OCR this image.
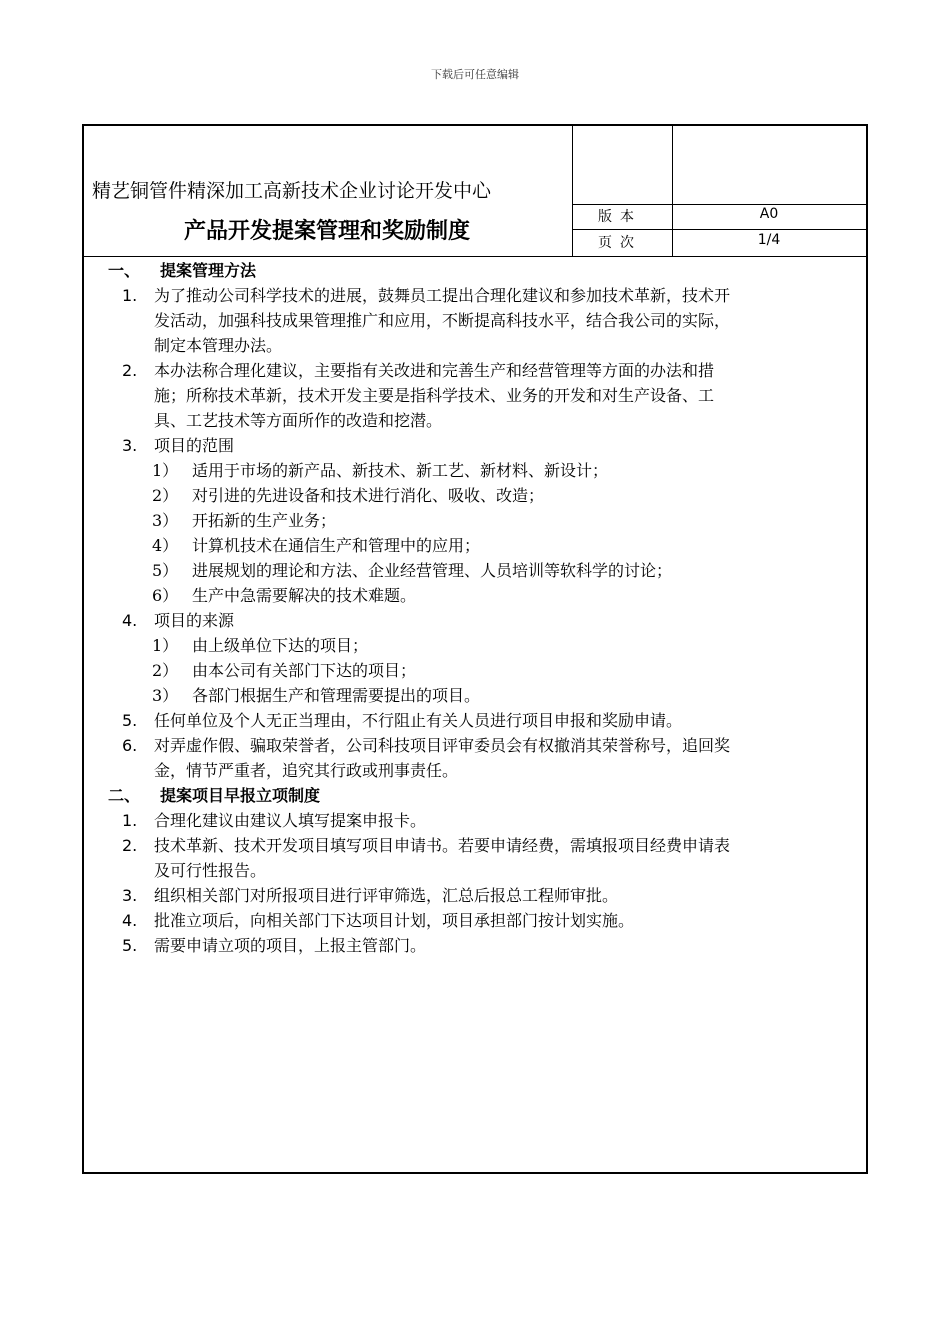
下载后可任意编辑
精艺铜管件精深加工高新技术企业讨论开发中心
产品开发提案管理和奖励制度
版本	A0
页次	1/4
一、 提案管理方法
1. 为了推动公司科学技术的进展，鼓舞员工提出合理化建议和参加技术革新，技术开
发活动，加强科技成果管理推广和应用，不断提高科技水平，结合我公司的实际，
制定本管理办法。
2. 本办法称合理化建议，主要指有关改进和完善生产和经营管理等方面的办法和措
施；所称技术革新，技术开发主要是指科学技术、业务的开发和对生产设备、工
具、工艺技术等方面所作的改造和挖潜。
3. 项目的范围
1） 适用于市场的新产品、新技术、新工艺、新材料、新设计；
2） 对引进的先进设备和技术进行消化、吸收、改造；
3） 开拓新的生产业务；
4） 计算机技术在通信生产和管理中的应用；
5） 进展规划的理论和方法、企业经营管理、人员培训等软科学的讨论；
6） 生产中急需要解决的技术难题。
4. 项目的来源
1） 由上级单位下达的项目；
2） 由本公司有关部门下达的项目；
3） 各部门根据生产和管理需要提出的项目。
5. 任何单位及个人无正当理由，不行阻止有关人员进行项目申报和奖励申请。
6. 对弄虚作假、骗取荣誉者，公司科技项目评审委员会有权撤消其荣誉称号，追回奖
金，情节严重者，追究其行政或刑事责任。
二、 提案项目早报立项制度
1. 合理化建议由建议人填写提案申报卡。
2. 技术革新、技术开发项目填写项目申请书。若要申请经费，需填报项目经费申请表
及可行性报告。
3. 组织相关部门对所报项目进行评审筛选，汇总后报总工程师审批。
4. 批准立项后，向相关部门下达项目计划，项目承担部门按计划实施。
5. 需要申请立项的项目，上报主管部门。
